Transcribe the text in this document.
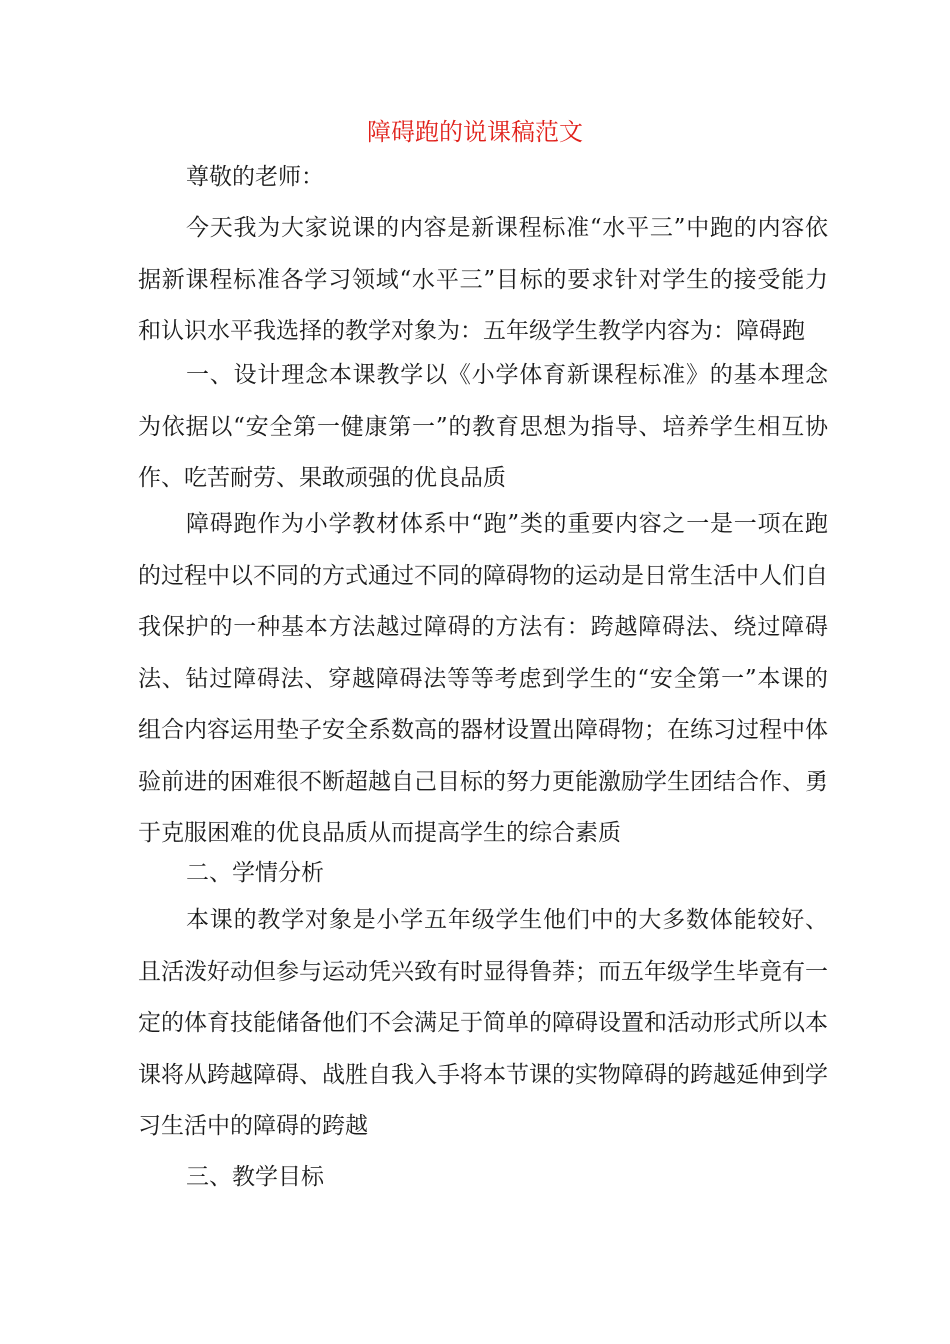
障碍跑的说课稿范文

尊敬的老师：

今天我为大家说课的内容是新课程标准“水平三”中跑的内容依据新课程标准各学习领域“水平三”目标的要求针对学生的接受能力和认识水平我选择的教学对象为：五年级学生教学内容为：障碍跑

一、设计理念本课教学以《小学体育新课程标准》的基本理念为依据以“安全第一健康第一”的教育思想为指导、培养学生相互协作、吃苦耐劳、果敢顽强的优良品质

障碍跑作为小学教材体系中“跑”类的重要内容之一是一项在跑的过程中以不同的方式通过不同的障碍物的运动是日常生活中人们自我保护的一种基本方法越过障碍的方法有：跨越障碍法、绕过障碍法、钻过障碍法、穿越障碍法等等考虑到学生的“安全第一”本课的组合内容运用垫子安全系数高的器材设置出障碍物；在练习过程中体验前进的困难很不断超越自己目标的努力更能激励学生团结合作、勇于克服困难的优良品质从而提高学生的综合素质

二、学情分析

本课的教学对象是小学五年级学生他们中的大多数体能较好、且活泼好动但参与运动凭兴致有时显得鲁莽；而五年级学生毕竟有一定的体育技能储备他们不会满足于简单的障碍设置和活动形式所以本课将从跨越障碍、战胜自我入手将本节课的实物障碍的跨越延伸到学习生活中的障碍的跨越

三、教学目标
